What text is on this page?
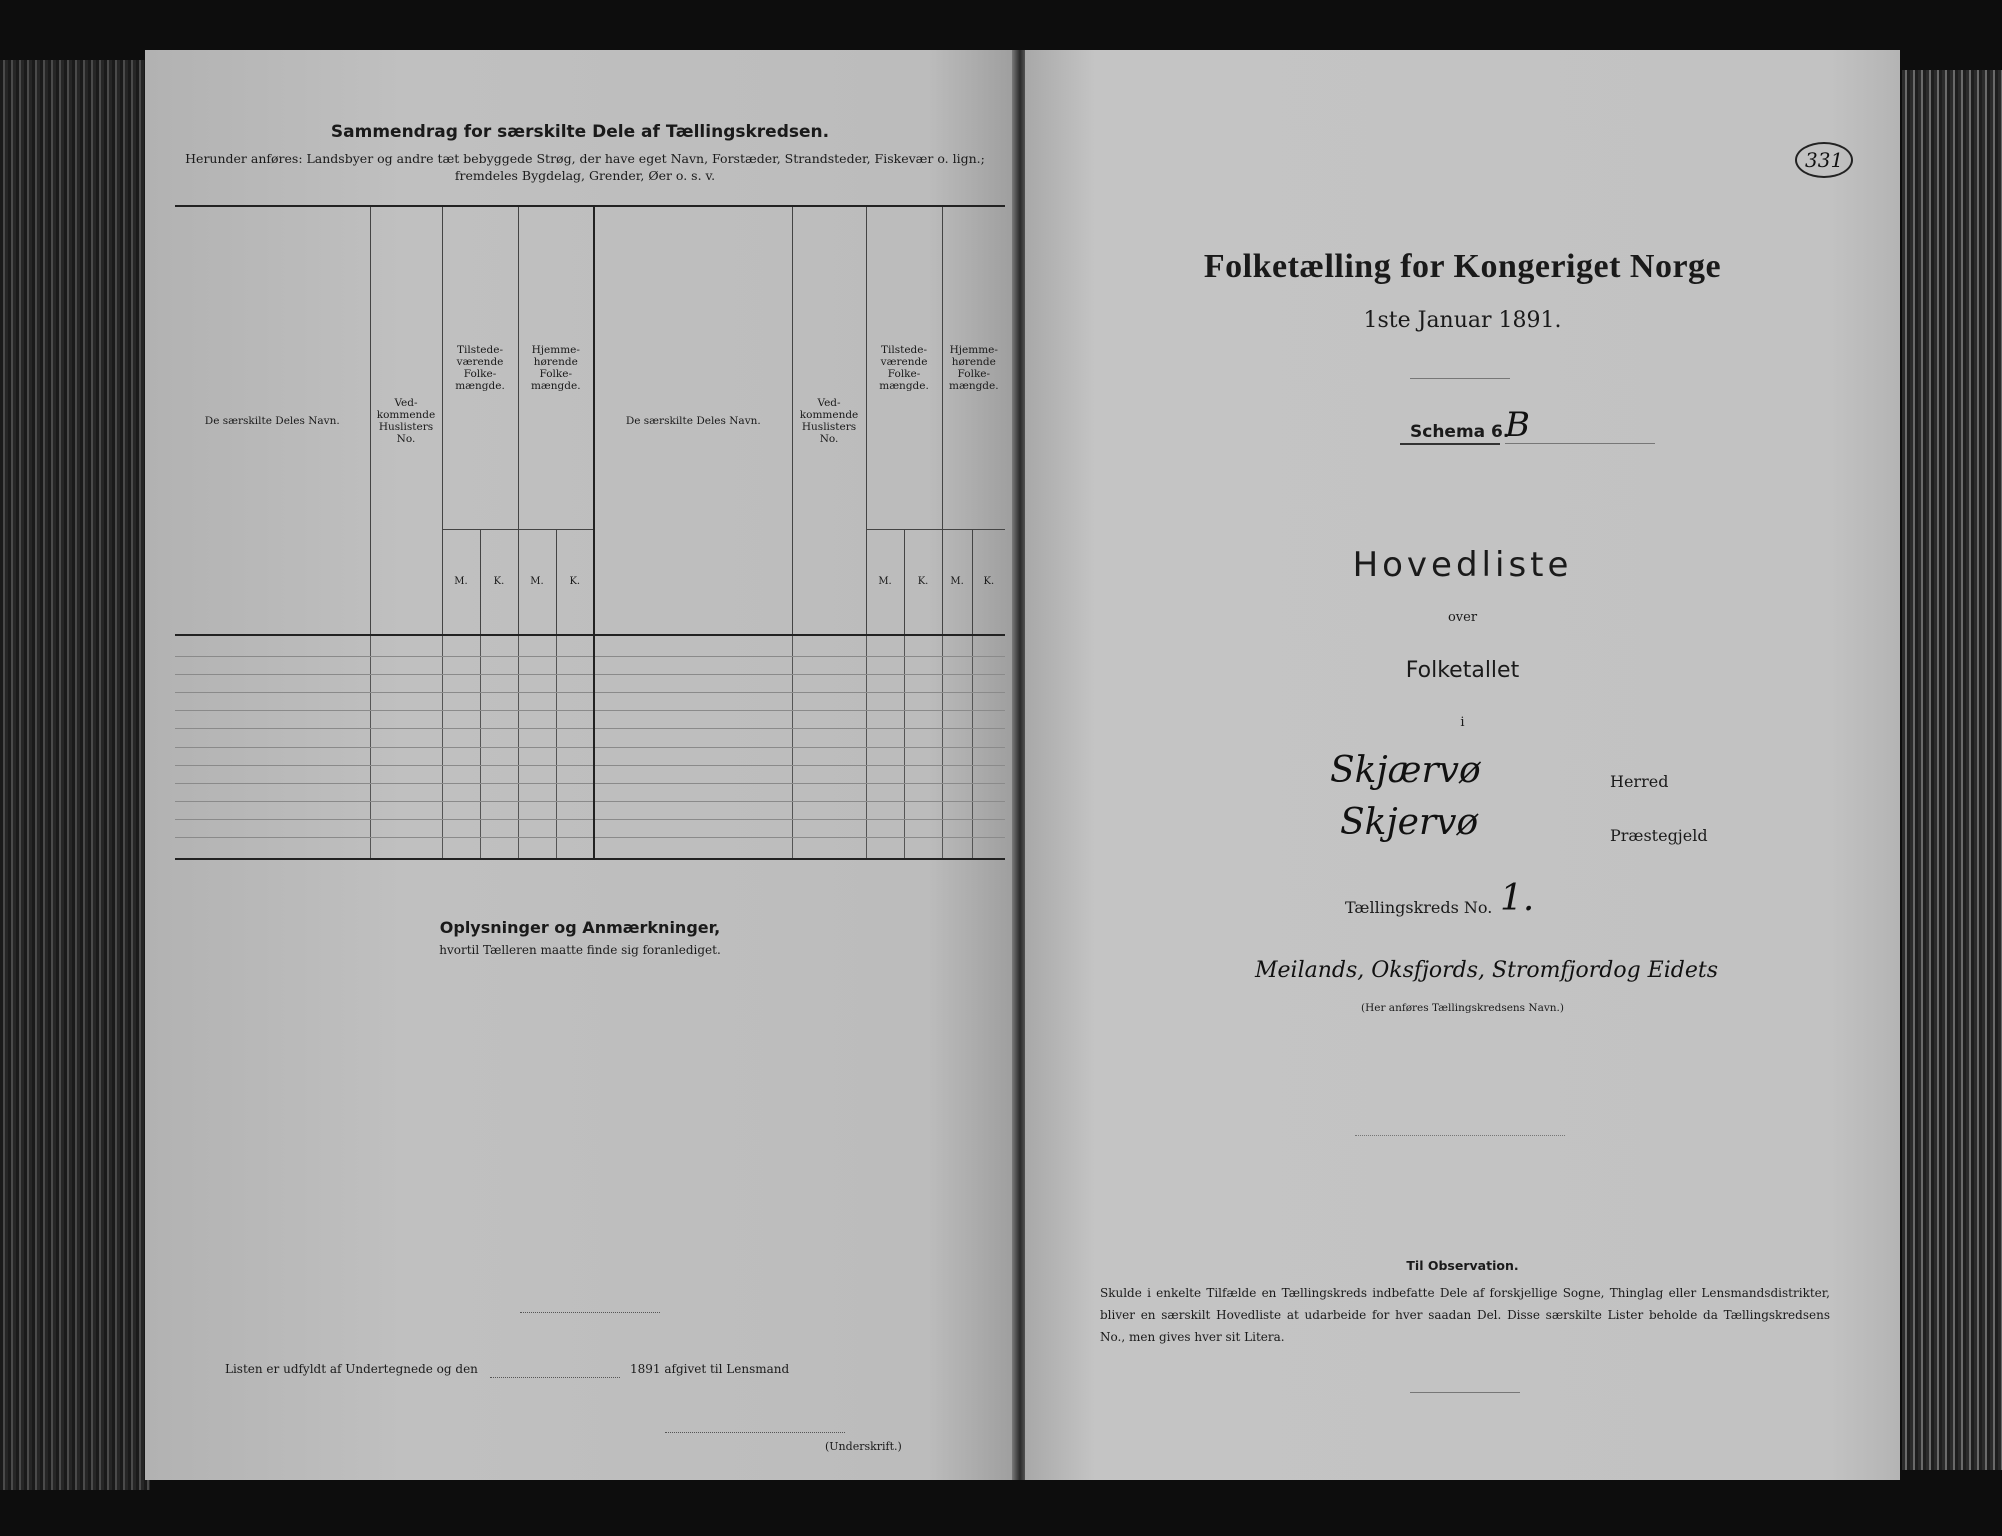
Sammendrag for særskilte Dele af Tællingskredsen.
Herunder anføres: Landsbyer og andre tæt bebyggede Strøg, der have eget Navn, Forstæder, Strandsteder, Fiskevær o. lign.; fremdeles Bygdelag, Grender, Øer o. s. v.
De særskilte Deles Navn.	Ved-kommende Huslisters No.	Tilstede-værende Folke-mængde.		Hjemme-hørende Folke-mængde.		De særskilte Deles Navn.	Ved-kommende Huslisters No.	Tilstede-værende Folke-mængde.		Hjemme-hørende Folke-mængde.	
		M.	K.	M.	K.			M.	K.	M.	K.

Oplysninger og Anmærkninger,
hvortil Tælleren maatte finde sig foranlediget.
Listen er udfyldt af Undertegnede og den	1891 afgivet til Lensmand
(Underskrift.)
331
Folketælling for Kongeriget Norge
1ste Januar 1891.
Schema 6.
B
Hovedliste
over
Folketallet
i
Skjærvø	Herred
Skjervø	Præstegjeld
Tællingskreds No. 1.
Meilands, Oksfjords, Stromfjordog Eidets
(Her anføres Tællingskredsens Navn.)
Til Observation.
Skulde i enkelte Tilfælde en Tællingskreds indbefatte Dele af forskjellige Sogne, Thinglag eller Lensmandsdistrikter, bliver en særskilt Hovedliste at udarbeide for hver saadan Del. Disse særskilte Lister beholde da Tællingskredsens No., men gives hver sit Litera.
